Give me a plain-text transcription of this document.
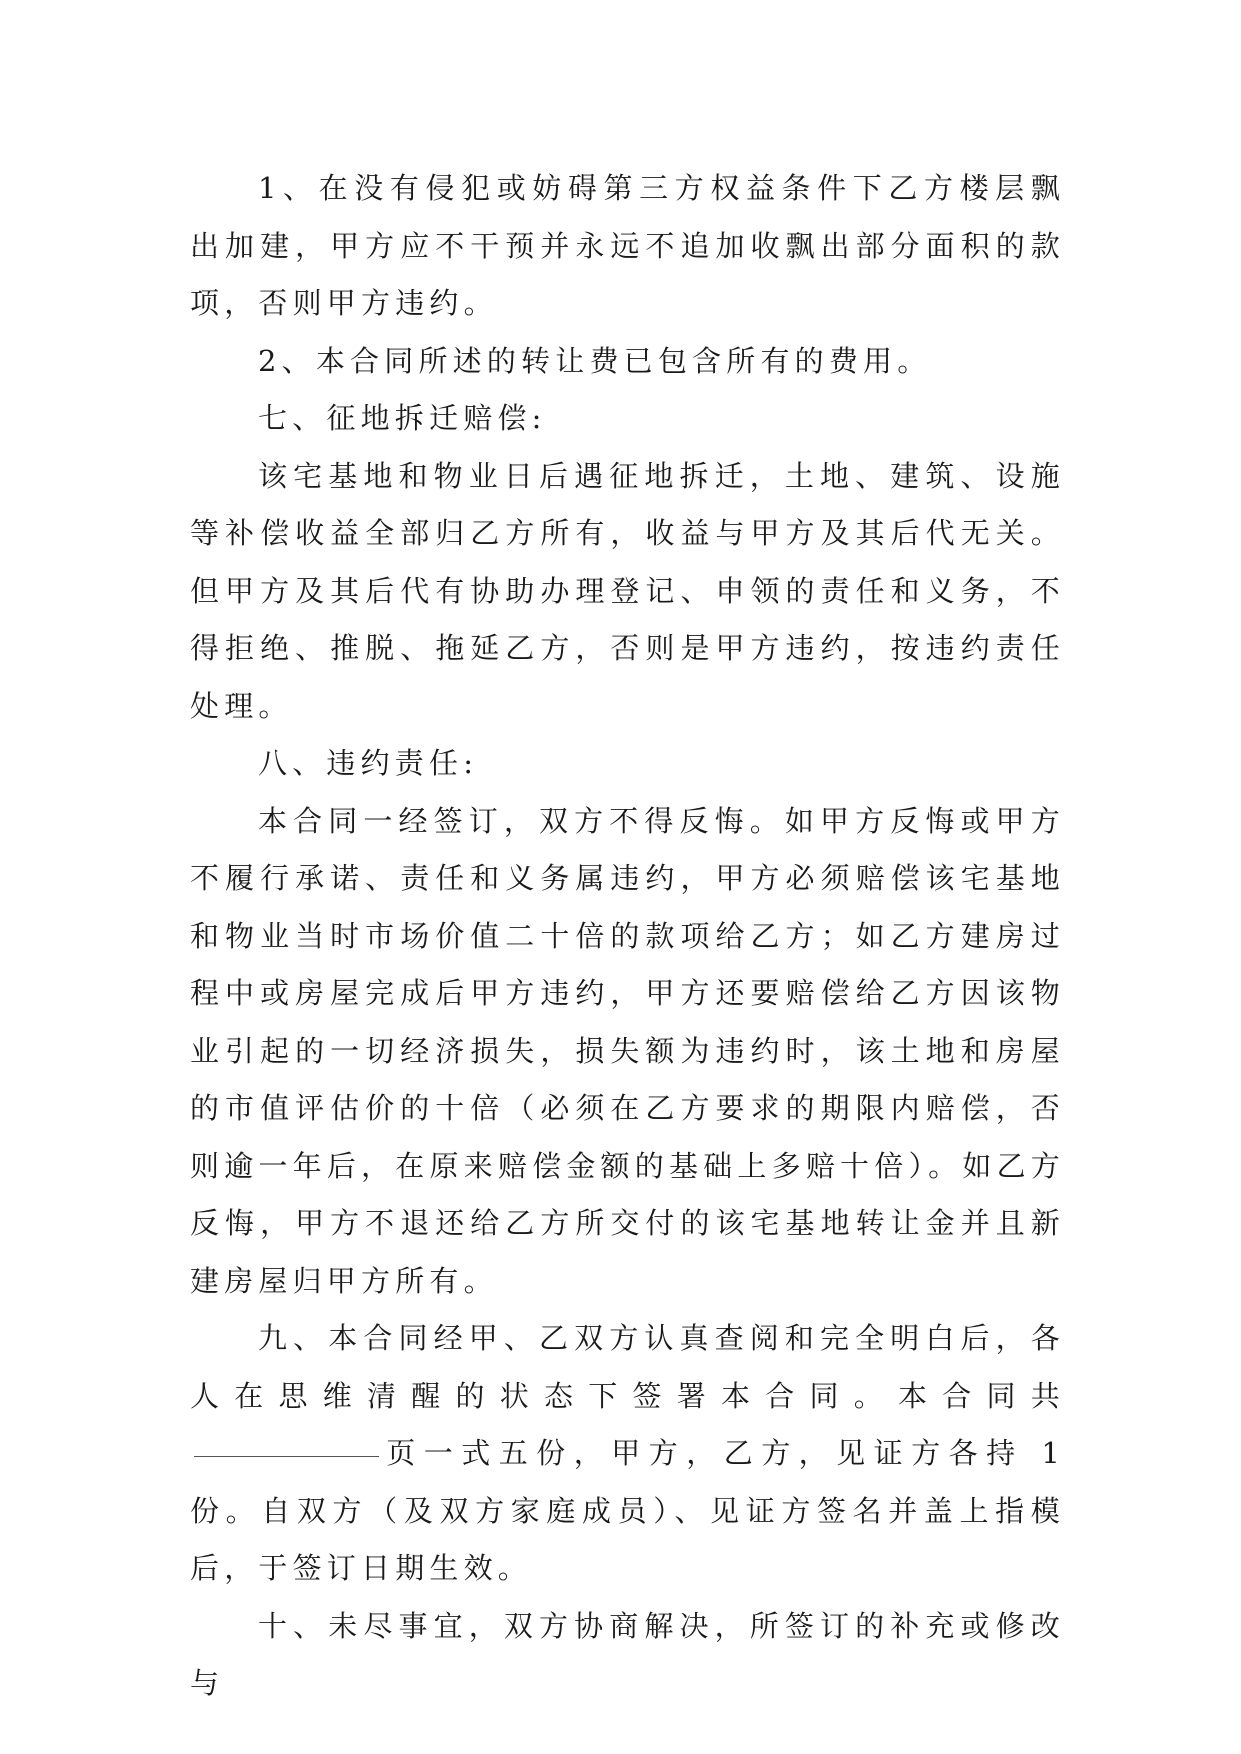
1、在没有侵犯或妨碍第三方权益条件下乙方楼层飘出加建，甲方应不干预并永远不追加收飘出部分面积的款项，否则甲方违约。

2、本合同所述的转让费已包含所有的费用。

七、征地拆迁赔偿:

该宅基地和物业日后遇征地拆迁，土地、建筑、设施等补偿收益全部归乙方所有，收益与甲方及其后代无关。但甲方及其后代有协助办理登记、申领的责任和义务，不得拒绝、推脱、拖延乙方，否则是甲方违约，按违约责任处理。

八、违约责任:

本合同一经签订，双方不得反悔。如甲方反悔或甲方不履行承诺、责任和义务属违约，甲方必须赔偿该宅基地和物业当时市场价值二十倍的款项给乙方；如乙方建房过程中或房屋完成后甲方违约，甲方还要赔偿给乙方因该物业引起的一切经济损失，损失额为违约时，该土地和房屋的市值评估价的十倍（必须在乙方要求的期限内赔偿，否则逾一年后，在原来赔偿金额的基础上多赔十倍）。如乙方反悔，甲方不退还给乙方所交付的该宅基地转让金并且新建房屋归甲方所有。

九、本合同经甲、乙双方认真查阅和完全明白后，各人在思维清醒的状态下签署本合同。本合同共页一式五份，甲方，乙方，见证方各持 1 份。自双方（及双方家庭成员）、见证方签名并盖上指模后，于签订日期生效。

十、未尽事宜，双方协商解决，所签订的补充或修改与
